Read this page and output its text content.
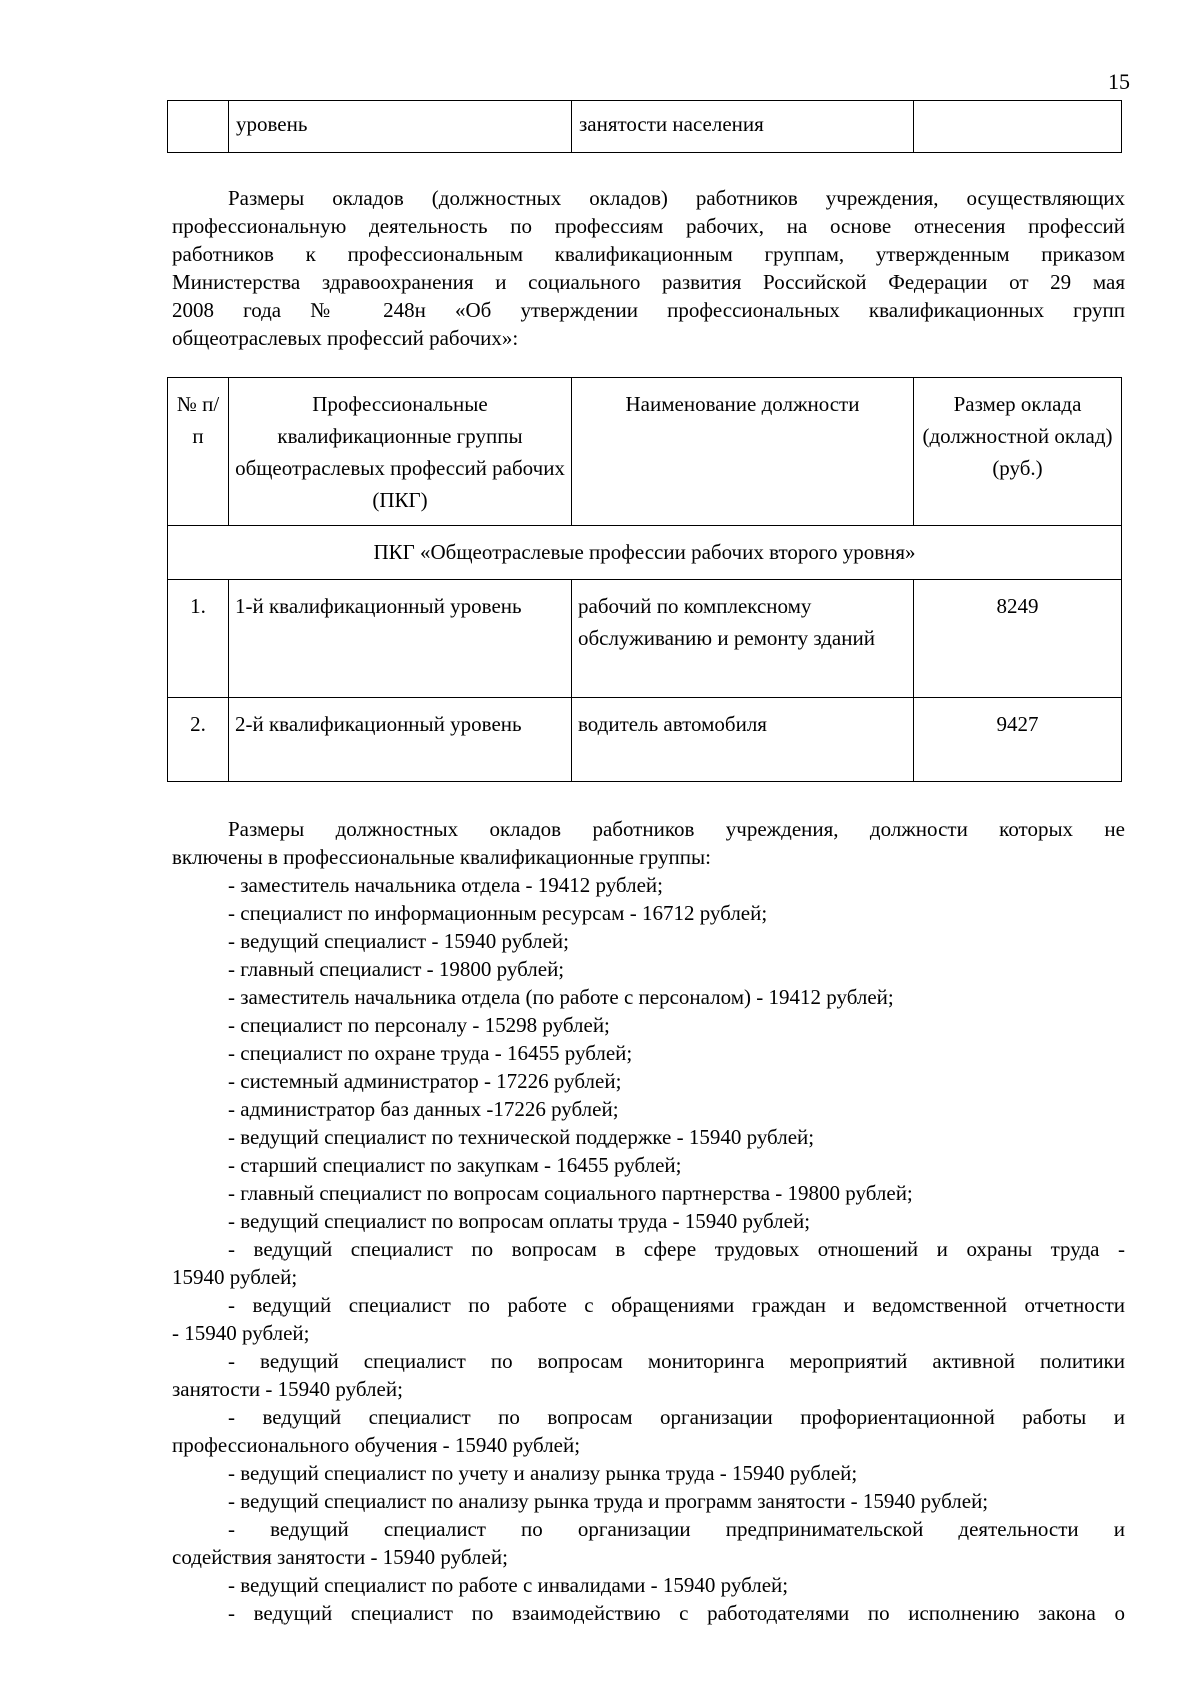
15
	уровень	занятости населения	
Размеры окладов (должностных окладов) работников учреждения, осуществляющих
профессиональную деятельность по профессиям рабочих, на основе отнесения профессий
работников к профессиональным квалификационным группам, утвержденным приказом
Министерства здравоохранения и социального развития Российской Федерации от 29 мая
2008 года № 248н «Об утверждении профессиональных квалификационных групп
общеотраслевых профессий рабочих»:
№ п/п	Профессиональные квалификационные группы общеотраслевых профессий рабочих (ПКГ)	Наименование должности	Размер оклада (должностной оклад) (руб.)
ПКГ «Общеотраслевые профессии рабочих второго уровня»			
1.	1-й квалификационный уровень	рабочий по комплексному обслуживанию и ремонту зданий	8249
2.	2-й квалификационный уровень	водитель автомобиля	9427
Размеры должностных окладов работников учреждения, должности которых не
включены в профессиональные квалификационные группы:
- заместитель начальника отдела - 19412 рублей;
- специалист по информационным ресурсам - 16712 рублей;
- ведущий специалист - 15940 рублей;
- главный специалист - 19800 рублей;
- заместитель начальника отдела (по работе с персоналом) - 19412 рублей;
- специалист по персоналу - 15298 рублей;
- специалист по охране труда - 16455 рублей;
- системный администратор - 17226 рублей;
- администратор баз данных -17226 рублей;
- ведущий специалист по технической поддержке - 15940 рублей;
- старший специалист по закупкам - 16455 рублей;
- главный специалист по вопросам социального партнерства - 19800 рублей;
- ведущий специалист по вопросам оплаты труда - 15940 рублей;
- ведущий специалист по вопросам в сфере трудовых отношений и охраны труда -
15940 рублей;
- ведущий специалист по работе с обращениями граждан и ведомственной отчетности
- 15940 рублей;
- ведущий специалист по вопросам мониторинга мероприятий активной политики
занятости - 15940 рублей;
- ведущий специалист по вопросам организации профориентационной работы и
профессионального обучения - 15940 рублей;
- ведущий специалист по учету и анализу рынка труда - 15940 рублей;
- ведущий специалист по анализу рынка труда и программ занятости - 15940 рублей;
- ведущий специалист по организации предпринимательской деятельности и
содействия занятости - 15940 рублей;
- ведущий специалист по работе с инвалидами - 15940 рублей;
- ведущий специалист по взаимодействию с работодателями по исполнению закона о
